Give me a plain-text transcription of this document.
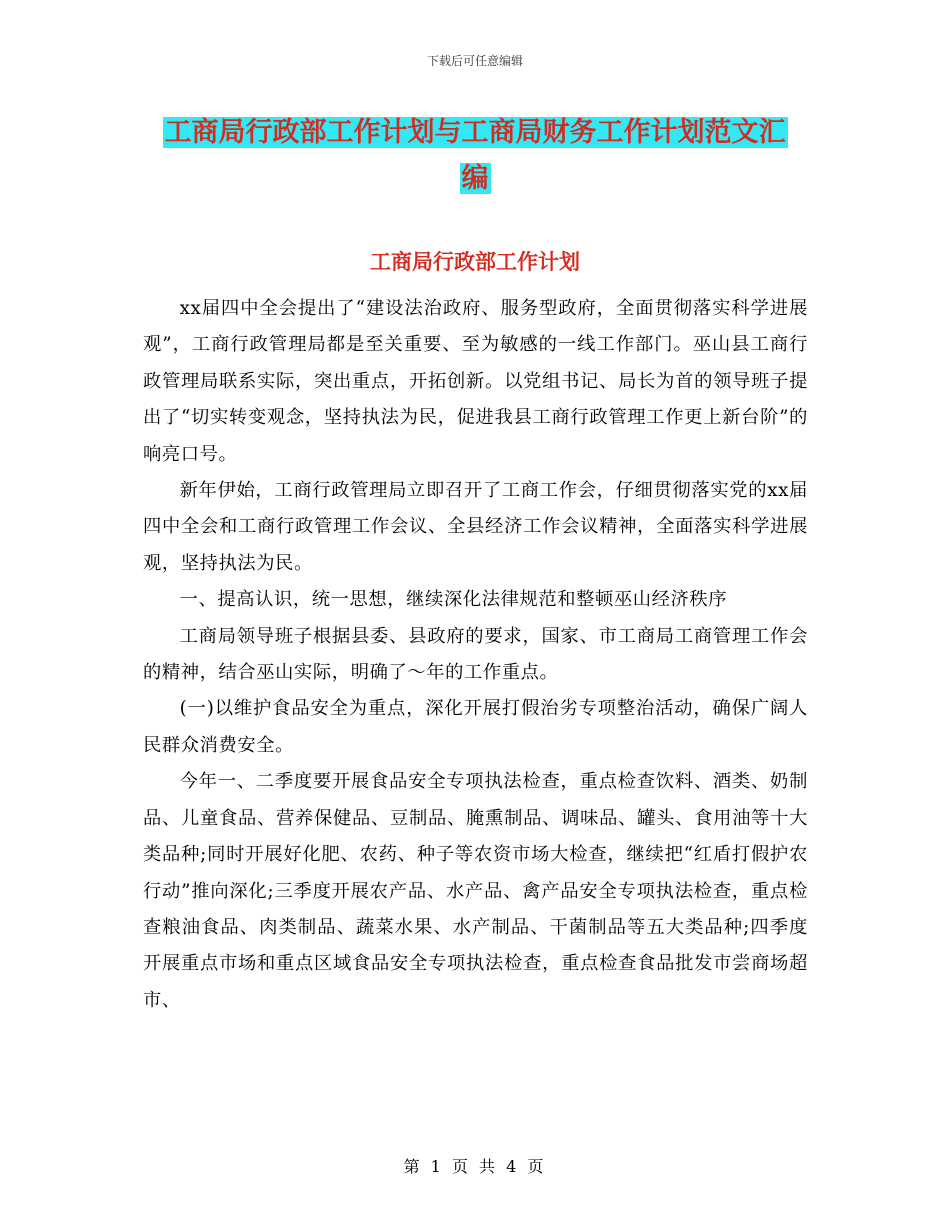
下载后可任意编辑
工商局行政部工作计划与工商局财务工作计划范文汇
编
工商局行政部工作计划

xx届四中全会提出了“建设法治政府、服务型政府，全面贯彻落实科学进展观”，工商行政管理局都是至关重要、至为敏感的一线工作部门。巫山县工商行政管理局联系实际，突出重点，开拓创新。以党组书记、局长为首的领导班子提出了“切实转变观念，坚持执法为民，促进我县工商行政管理工作更上新台阶”的响亮口号。

新年伊始，工商行政管理局立即召开了工商工作会，仔细贯彻落实党的xx届四中全会和工商行政管理工作会议、全县经济工作会议精神，全面落实科学进展观，坚持执法为民。

一、提高认识，统一思想，继续深化法律规范和整顿巫山经济秩序

工商局领导班子根据县委、县政府的要求，国家、市工商局工商管理工作会的精神，结合巫山实际，明确了～年的工作重点。

(一)以维护食品安全为重点，深化开展打假治劣专项整治活动，确保广阔人民群众消费安全。

今年一、二季度要开展食品安全专项执法检查，重点检查饮料、酒类、奶制品、儿童食品、营养保健品、豆制品、腌熏制品、调味品、罐头、食用油等十大类品种;同时开展好化肥、农药、种子等农资市场大检查，继续把“红盾打假护农行动”推向深化;三季度开展农产品、水产品、禽产品安全专项执法检查，重点检查粮油食品、肉类制品、蔬菜水果、水产制品、干菌制品等五大类品种;四季度开展重点市场和重点区域食品安全专项执法检查，重点检查食品批发市尝商场超市、

第 1 页 共 4 页
